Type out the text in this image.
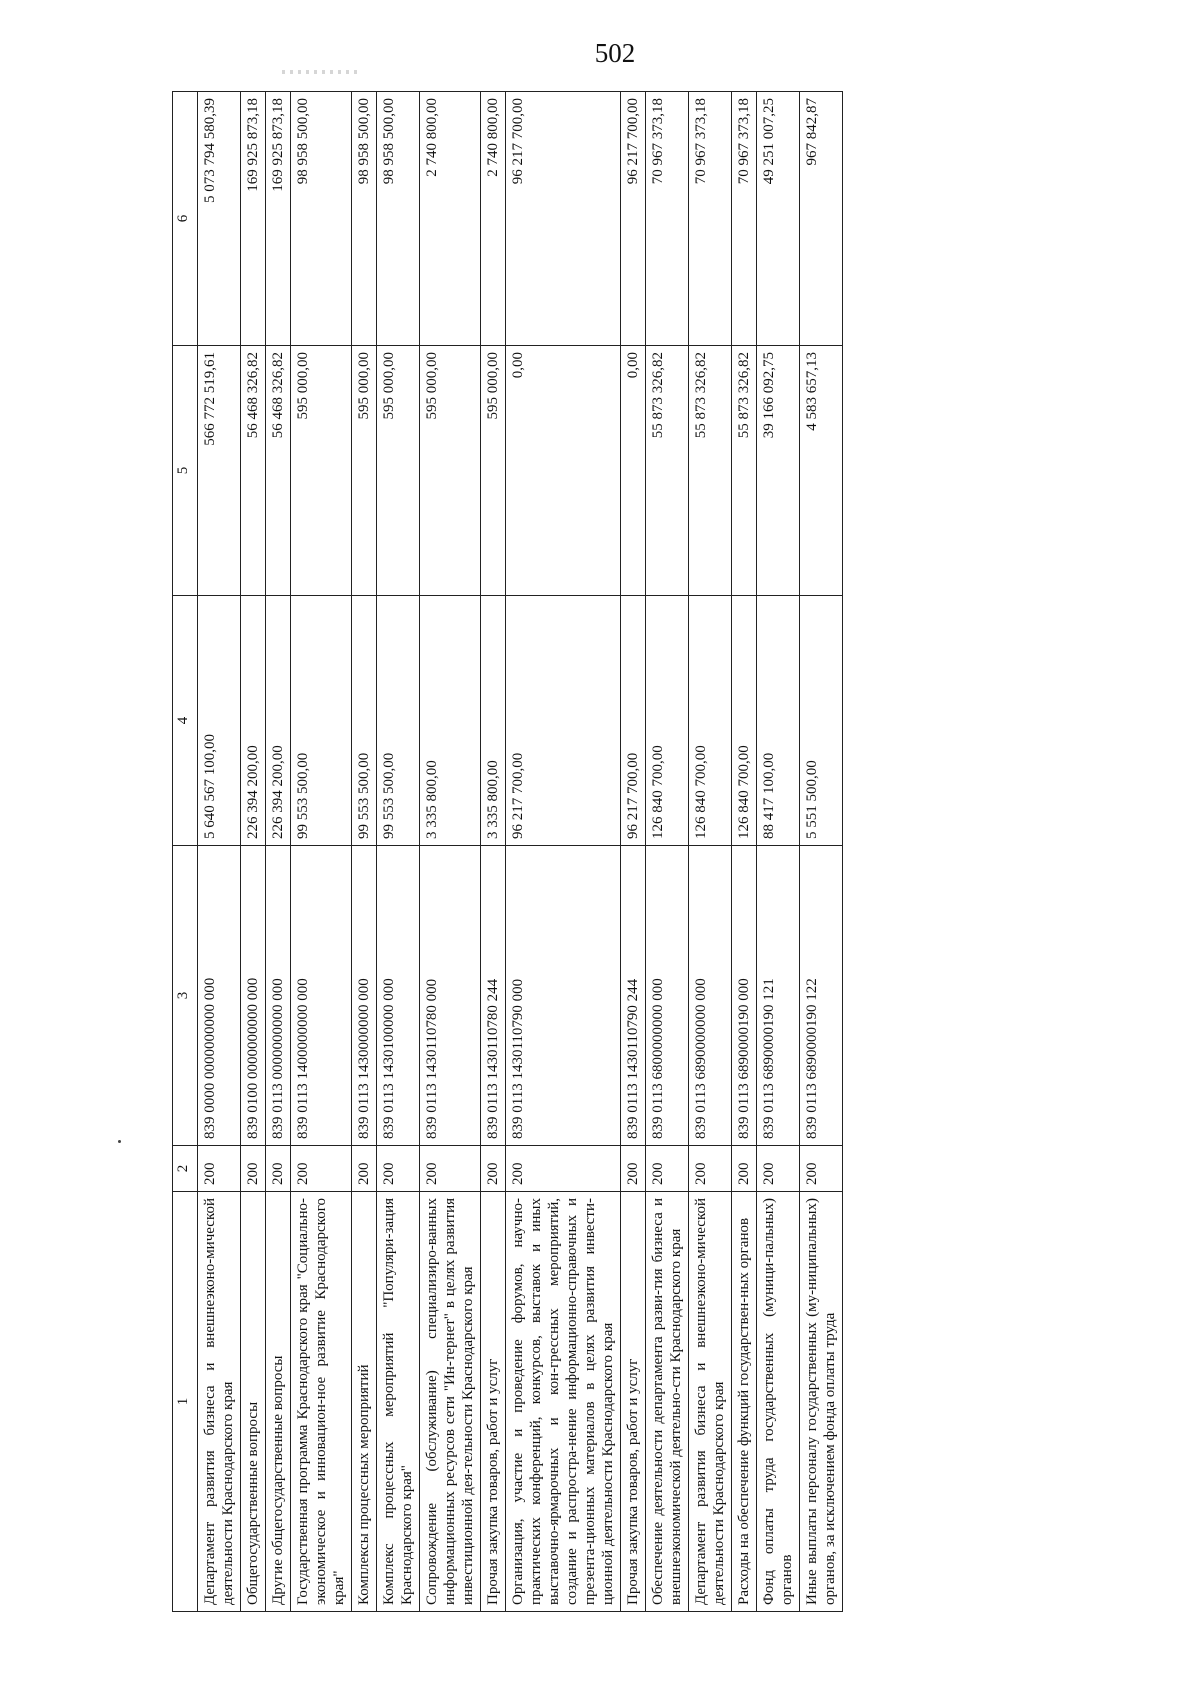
502
1	2	3	4	5	6
Департамент развития бизнеса и внешнеэконо-мической деятельности Краснодарского края	200	839 0000 0000000000 000	5 640 567 100,00	566 772 519,61	5 073 794 580,39
Общегосударственные вопросы	200	839 0100 0000000000 000	226 394 200,00	56 468 326,82	169 925 873,18
Другие общегосударственные вопросы	200	839 0113 0000000000 000	226 394 200,00	56 468 326,82	169 925 873,18
Государственная программа Краснодарского края "Социально-экономическое и инновацион-ное развитие Краснодарского края"	200	839 0113 1400000000 000	99 553 500,00	595 000,00	98 958 500,00
Комплексы процессных мероприятий	200	839 0113 1430000000 000	99 553 500,00	595 000,00	98 958 500,00
Комплекс процессных мероприятий "Популяри-зация Краснодарского края"	200	839 0113 1430100000 000	99 553 500,00	595 000,00	98 958 500,00
Сопровождение (обслуживание) специализиро-ванных информационных ресурсов сети "Ин-тернет" в целях развития инвестиционной дея-тельности Краснодарского края	200	839 0113 1430110780 000	3 335 800,00	595 000,00	2 740 800,00
Прочая закупка товаров, работ и услуг	200	839 0113 1430110780 244	3 335 800,00	595 000,00	2 740 800,00
Организация, участие и проведение форумов, научно-практических конференций, конкурсов, выставок и иных выставочно-ярмарочных и кон-грессных мероприятий, создание и распростра-нение информационно-справочных и презента-ционных материалов в целях развития инвести-ционной деятельности Краснодарского края	200	839 0113 1430110790 000	96 217 700,00	0,00	96 217 700,00
Прочая закупка товаров, работ и услуг	200	839 0113 1430110790 244	96 217 700,00	0,00	96 217 700,00
Обеспечение деятельности департамента разви-тия бизнеса и внешнеэкономической деятельно-сти Краснодарского края	200	839 0113 6800000000 000	126 840 700,00	55 873 326,82	70 967 373,18
Департамент развития бизнеса и внешнеэконо-мической деятельности Краснодарского края	200	839 0113 6890000000 000	126 840 700,00	55 873 326,82	70 967 373,18
Расходы на обеспечение функций государствен-ных органов	200	839 0113 6890000190 000	126 840 700,00	55 873 326,82	70 967 373,18
Фонд оплаты труда государственных (муници-пальных) органов	200	839 0113 6890000190 121	88 417 100,00	39 166 092,75	49 251 007,25
Иные выплаты персоналу государственных (му-ниципальных) органов, за исключением фонда оплаты труда	200	839 0113 6890000190 122	5 551 500,00	4 583 657,13	967 842,87
